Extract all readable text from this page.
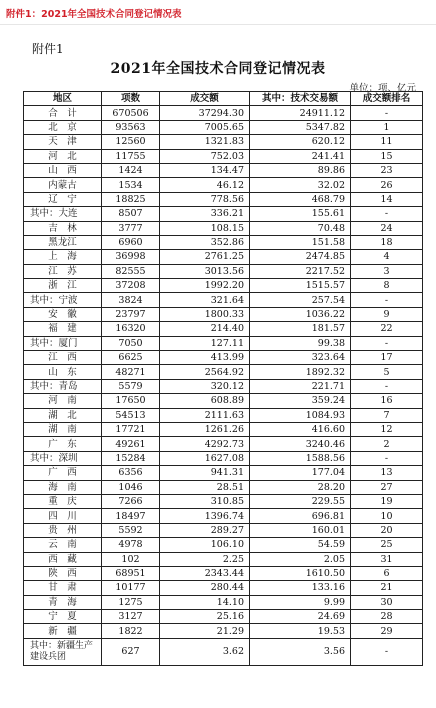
附件1：2021年全国技术合同登记情况表
附件1
2021年全国技术合同登记情况表
单位：项、亿元
地区	项数	成交额	其中：技术交易额	成交额排名
合　计	670506	37294.30	24911.12	-
北　京	93563	7005.65	5347.82	1
天　津	12560	1321.83	620.12	11
河　北	11755	752.03	241.41	15
山　西	1424	134.47	89.86	23
内蒙古	1534	46.12	32.02	26
辽　宁	18825	778.56	468.79	14
其中：大连	8507	336.21	155.61	-
吉　林	3777	108.15	70.48	24
黑龙江	6960	352.86	151.58	18
上　海	36998	2761.25	2474.85	4
江　苏	82555	3013.56	2217.52	3
浙　江	37208	1992.20	1515.57	8
其中：宁波	3824	321.64	257.54	-
安　徽	23797	1800.33	1036.22	9
福　建	16320	214.40	181.57	22
其中：厦门	7050	127.11	99.38	-
江　西	6625	413.99	323.64	17
山　东	48271	2564.92	1892.32	5
其中：青岛	5579	320.12	221.71	-
河　南	17650	608.89	359.24	16
湖　北	54513	2111.63	1084.93	7
湖　南	17721	1261.26	416.60	12
广　东	49261	4292.73	3240.46	2
其中：深圳	15284	1627.08	1588.56	-
广　西	6356	941.31	177.04	13
海　南	1046	28.51	28.20	27
重　庆	7266	310.85	229.55	19
四　川	18497	1396.74	696.81	10
贵　州	5592	289.27	160.01	20
云　南	4978	106.10	54.59	25
西　藏	102	2.25	2.05	31
陕　西	68951	2343.44	1610.50	6
甘　肃	10177	280.44	133.16	21
青　海	1275	14.10	9.99	30
宁　夏	3127	25.16	24.69	28
新　疆	1822	21.29	19.53	29
其中：新疆生产建设兵团	627	3.62	3.56	-
